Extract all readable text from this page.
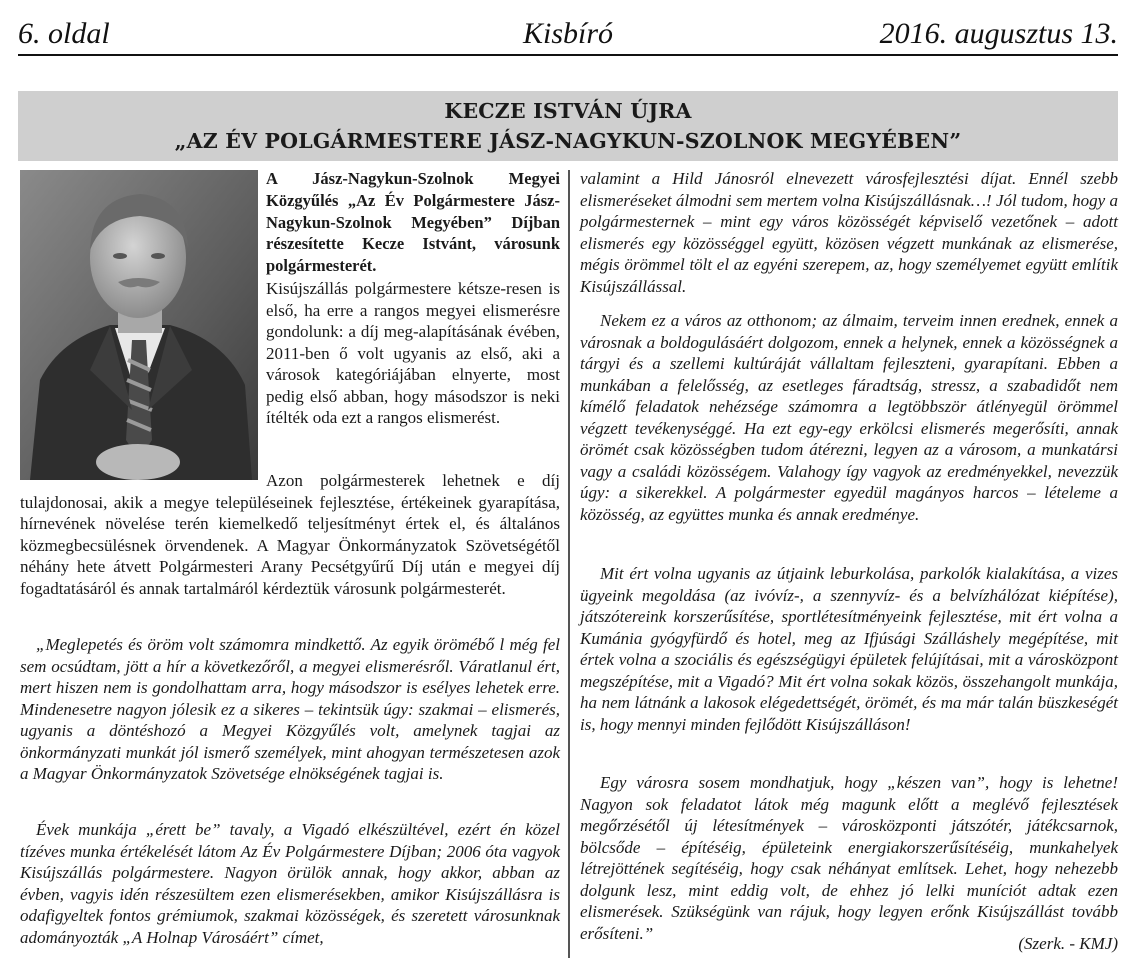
6. oldal	Kisbíró	2016. augusztus 13.
KECZE ISTVÁN ÚJRA
„AZ ÉV POLGÁRMESTERE JÁSZ-NAGYKUN-SZOLNOK MEGYÉBEN”

A Jász-Nagykun-Szolnok Megyei Közgyűlés „Az Év Polgármestere Jász-Nagykun-Szolnok Megyében” Díjban részesítette Kecze Istvánt, városunk polgármesterét.

Kisújszállás polgármestere kétsze-resen is első, ha erre a rangos megyei elismerésre gondolunk: a díj meg-alapításának évében, 2011-ben ő volt ugyanis az első, aki a városok kategóriájában elnyerte, most pedig első abban, hogy másodszor is neki ítélték oda ezt a rangos elismerést.

Azon polgármesterek lehetnek e díj tulajdonosai, akik a megye településeinek fejlesztése, értékeinek gyarapítása, hírnevének növelése terén kiemelkedő teljesítményt értek el, és általános közmegbecsülésnek örvendenek. A Magyar Önkormányzatok Szövetségétől néhány hete átvett Polgármesteri Arany Pecsétgyűrű Díj után e megyei díj fogadtatásáról és annak tartalmáról kérdeztük városunk polgármesterét.

„Meglepetés és öröm volt számomra mindkettő. Az egyik örömébő l még fel sem ocsúdtam, jött a hír a következőről, a megyei elismerésről. Váratlanul ért, mert hiszen nem is gondolhattam arra, hogy másodszor is esélyes lehetek erre. Mindenesetre nagyon jólesik ez a sikeres – tekintsük úgy: szakmai – elismerés, ugyanis a döntéshozó a Megyei Közgyűlés volt, amelynek tagjai az önkormányzati munkát jól ismerő személyek, mint ahogyan természetesen azok a Magyar Önkormányzatok Szövetsége elnökségének tagjai is.

Évek munkája „érett be” tavaly, a Vigadó elkészültével, ezért én közel tízéves munka értékelését látom Az Év Polgármestere Díjban; 2006 óta vagyok Kisújszállás polgármestere. Nagyon örülök annak, hogy akkor, abban az évben, vagyis idén részesültem ezen elismerésekben, amikor Kisújszállásra is odafigyeltek fontos grémiumok, szakmai közösségek, és szeretett városunknak adományozták „A Holnap Városáért” címet,

valamint a Hild Jánosról elnevezett városfejlesztési díjat. Ennél szebb elismeréseket álmodni sem mertem volna Kisújszállásnak…! Jól tudom, hogy a polgármesternek – mint egy város közösségét képviselő vezetőnek – adott elismerés egy közösséggel együtt, közösen végzett munkának az elismerése, mégis örömmel tölt el az egyéni szerepem, az, hogy személyemet együtt említik Kisújszállással.

Nekem ez a város az otthonom; az álmaim, terveim innen erednek, ennek a városnak a boldogulásáért dolgozom, ennek a helynek, ennek a közösségnek a tárgyi és a szellemi kultúráját vállaltam fejleszteni, gyarapítani. Ebben a munkában a felelősség, az esetleges fáradtság, stressz, a szabadidőt nem kímélő feladatok nehézsége számomra a legtöbbször átlényegül örömmel végzett tevékenységgé. Ha ezt egy-egy erkölcsi elismerés megerősíti, annak örömét csak közösségben tudom átérezni, legyen az a városom, a munkatársi vagy a családi közösségem. Valahogy így vagyok az eredményekkel, nevezzük úgy: a sikerekkel. A polgármester egyedül magányos harcos – lételeme a közösség, az együttes munka és annak eredménye.

Mit ért volna ugyanis az útjaink leburkolása, parkolók kialakítása, a vizes ügyeink megoldása (az ivóvíz-, a szennyvíz- és a belvízhálózat kiépítése), játszótereink korszerűsítése, sportlétesítményeink fejlesztése, mit ért volna a Kumánia gyógyfürdő és hotel, meg az Ifjúsági Szálláshely megépítése, mit értek volna a szociális és egészségügyi épületek felújításai, mit a városközpont megszépítése, mit a Vigadó? Mit ért volna sokak közös, összehangolt munkája, ha nem látnánk a lakosok elégedettségét, örömét, és ma már talán büszkeségét is, hogy mennyi minden fejlődött Kisújszálláson!

Egy városra sosem mondhatjuk, hogy „készen van”, hogy is lehetne! Nagyon sok feladatot látok még magunk előtt a meglévő fejlesztések megőrzésétől új létesítmények – városközponti játszótér, játékcsarnok, bölcsőde – építéséig, épületeink energiakorszerűsítéséig, munkahelyek létrejöttének segítéséig, hogy csak néhányat említsek. Lehet, hogy nehezebb dolgunk lesz, mint eddig volt, de ehhez jó lelki muníciót adtak ezen elismerések. Szükségünk van rájuk, hogy legyen erőnk Kisújszállást tovább erősíteni.”

(Szerk. - KMJ)
